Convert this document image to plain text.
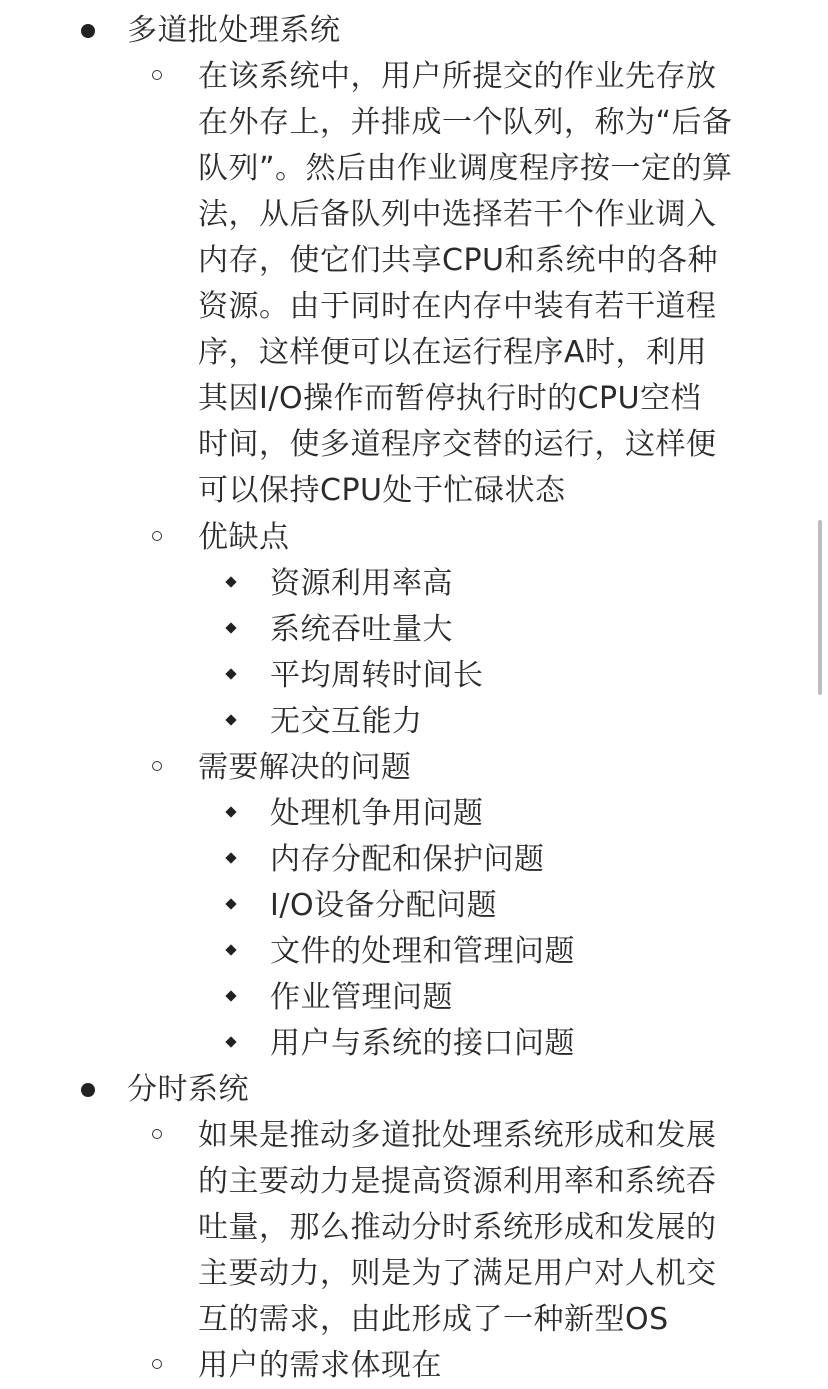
多道批处理系统
在该系统中，用户所提交的作业先存放
在外存上，并排成一个队列，称为“后备
队列”。然后由作业调度程序按一定的算
法，从后备队列中选择若干个作业调入
内存，使它们共享CPU和系统中的各种
资源。由于同时在内存中装有若干道程
序，这样便可以在运行程序A时，利用
其因I/O操作而暂停执行时的CPU空档
时间，使多道程序交替的运行，这样便
可以保持CPU处于忙碌状态
优缺点
资源利用率高
系统吞吐量大
平均周转时间长
无交互能力
需要解决的问题
处理机争用问题
内存分配和保护问题
I/O设备分配问题
文件的处理和管理问题
作业管理问题
用户与系统的接口问题
分时系统
如果是推动多道批处理系统形成和发展
的主要动力是提高资源利用率和系统吞
吐量，那么推动分时系统形成和发展的
主要动力，则是为了满足用户对人机交
互的需求，由此形成了一种新型OS
用户的需求体现在
